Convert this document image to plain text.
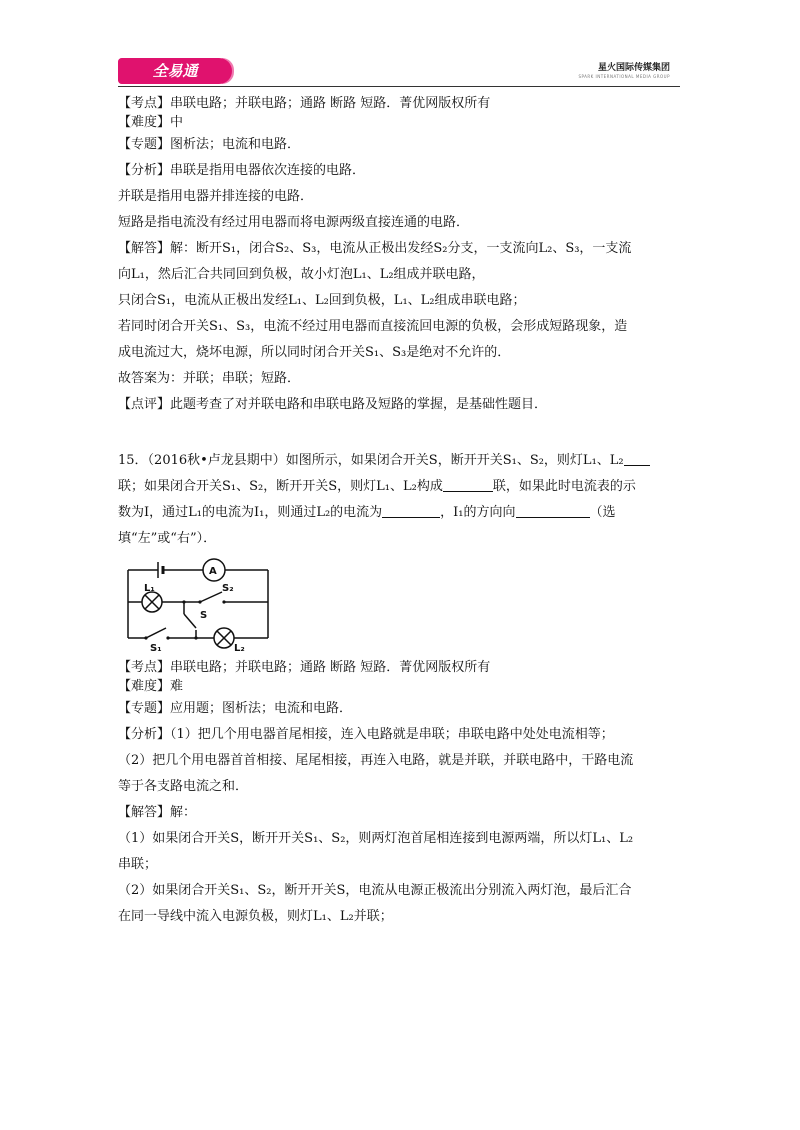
全易通	星火国际传媒集团
SPARK INTERNATIONAL MEDIA GROUP
【考点】串联电路；并联电路；通路 断路 短路．菁优网版权所有
【难度】中
【专题】图析法；电流和电路．
【分析】串联是指用电器依次连接的电路．
并联是指用电器并排连接的电路．
短路是指电流没有经过用电器而将电源两级直接连通的电路．
【解答】解：断开S₁，闭合S₂、S₃，电流从正极出发经S₂分支，一支流向L₂、S₃，一支流
向L₁，然后汇合共同回到负极，故小灯泡L₁、L₂组成并联电路，
只闭合S₁，电流从正极出发经L₁、L₂回到负极，L₁、L₂组成串联电路；
若同时闭合开关S₁、S₃，电流不经过用电器而直接流回电源的负极，会形成短路现象，造
成电流过大，烧坏电源，所以同时闭合开关S₁、S₃是绝对不允许的．
故答案为：并联；串联；短路．
【点评】此题考查了对并联电路和串联电路及短路的掌握，是基础性题目．
15．（2016秋•卢龙县期中）如图所示，如果闭合开关S，断开开关S₁、S₂，则灯L₁、L₂
联；如果闭合开关S₁、S₂，断开开关S，则灯L₁、L₂构成	联，如果此时电流表的示
数为I，通过L₁的电流为I₁，则通过L₂的电流为	，I₁的方向向	（选
填“左”或“右”）．
A
L₁	S₂
S
S₁	L₂
【考点】串联电路；并联电路；通路 断路 短路．菁优网版权所有
【难度】难
【专题】应用题；图析法；电流和电路．
【分析】（1）把几个用电器首尾相接，连入电路就是串联；串联电路中处处电流相等；
（2）把几个用电器首首相接、尾尾相接，再连入电路，就是并联，并联电路中，干路电流
等于各支路电流之和．
【解答】解：
（1）如果闭合开关S，断开开关S₁、S₂，则两灯泡首尾相连接到电源两端，所以灯L₁、L₂
串联；
（2）如果闭合开关S₁、S₂，断开开关S，电流从电源正极流出分别流入两灯泡，最后汇合
在同一导线中流入电源负极，则灯L₁、L₂并联；
